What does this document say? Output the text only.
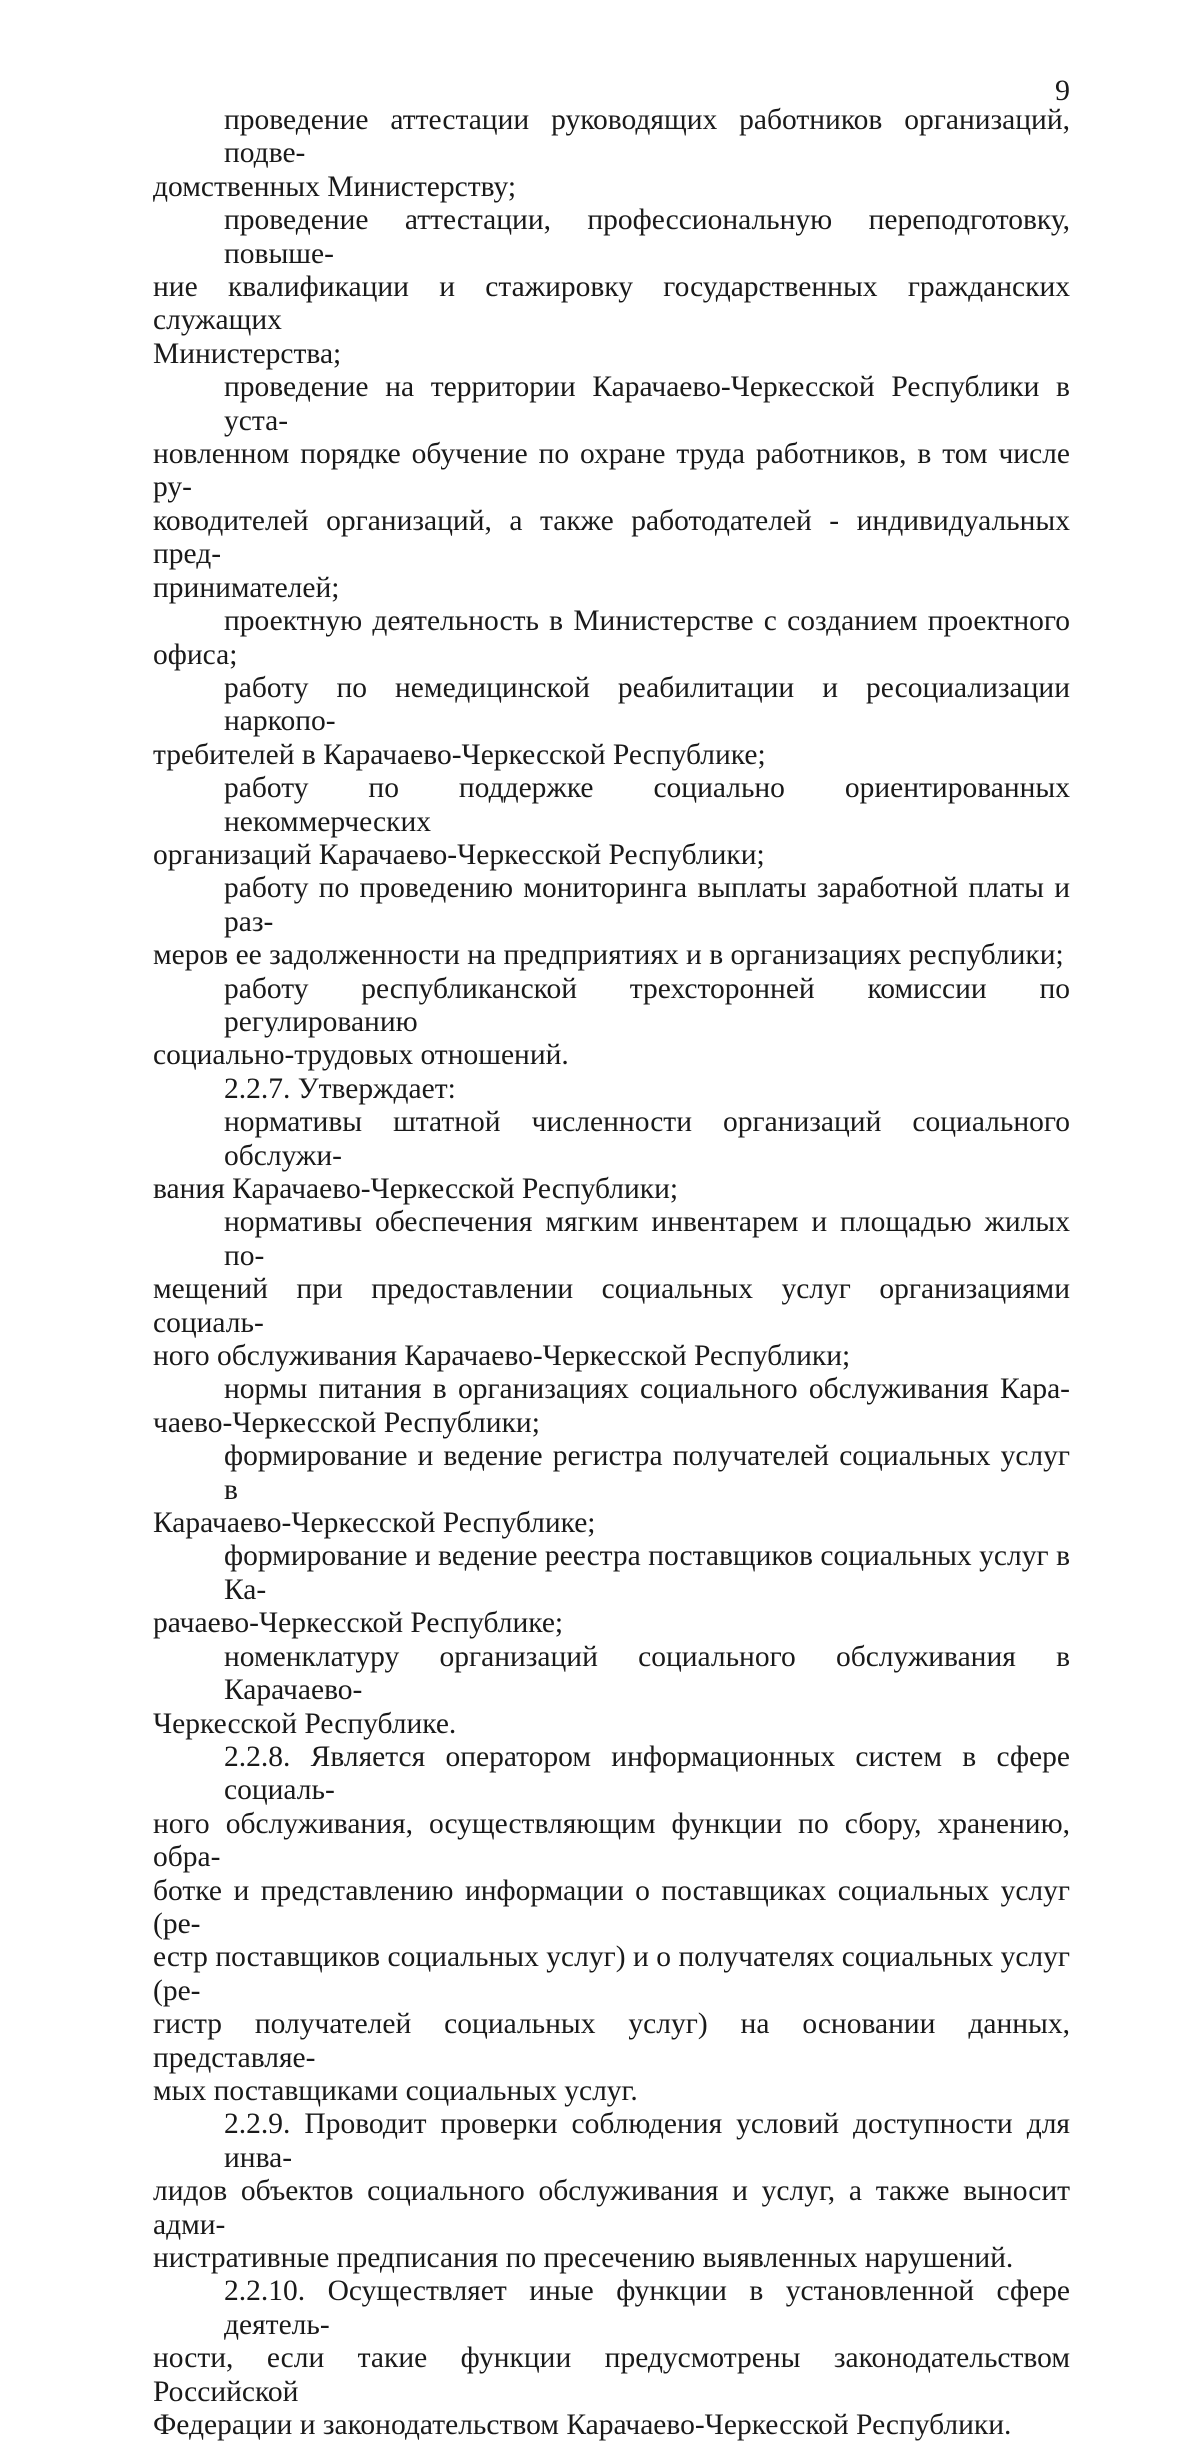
9
проведение аттестации руководящих работников организаций, подве-
домственных Министерству;
проведение аттестации, профессиональную переподготовку, повыше-
ние квалификации и стажировку государственных гражданских служащих
Министерства;
проведение на территории Карачаево-Черкесской Республики в уста-
новленном порядке обучение по охране труда работников, в том числе ру-
ководителей организаций, а также работодателей - индивидуальных пред-
принимателей;
проектную деятельность в Министерстве с созданием проектного
офиса;
работу по немедицинской реабилитации и ресоциализации наркопо-
требителей в Карачаево-Черкесской Республике;
работу по поддержке социально ориентированных некоммерческих
организаций Карачаево-Черкесской Республики;
работу по проведению мониторинга выплаты заработной платы и раз-
меров ее задолженности на предприятиях и в организациях республики;
работу республиканской трехсторонней комиссии по регулированию
социально-трудовых отношений.
2.2.7. Утверждает:
нормативы штатной численности организаций социального обслужи-
вания Карачаево-Черкесской Республики;
нормативы обеспечения мягким инвентарем и площадью жилых по-
мещений при предоставлении социальных услуг организациями социаль-
ного обслуживания Карачаево-Черкесской Республики;
нормы питания в организациях социального обслуживания Кара-
чаево-Черкесской Республики;
формирование и ведение регистра получателей социальных услуг в
Карачаево-Черкесской Республике;
формирование и ведение реестра поставщиков социальных услуг в Ка-
рачаево-Черкесской Республике;
номенклатуру организаций социального обслуживания в Карачаево-
Черкесской Республике.
2.2.8. Является оператором информационных систем в сфере социаль-
ного обслуживания, осуществляющим функции по сбору, хранению, обра-
ботке и представлению информации о поставщиках социальных услуг (ре-
естр поставщиков социальных услуг) и о получателях социальных услуг (ре-
гистр получателей социальных услуг) на основании данных, представляе-
мых поставщиками социальных услуг.
2.2.9. Проводит проверки соблюдения условий доступности для инва-
лидов объектов социального обслуживания и услуг, а также выносит адми-
нистративные предписания по пресечению выявленных нарушений.
2.2.10. Осуществляет иные функции в установленной сфере деятель-
ности, если такие функции предусмотрены законодательством Российской
Федерации и законодательством Карачаево-Черкесской Республики.
